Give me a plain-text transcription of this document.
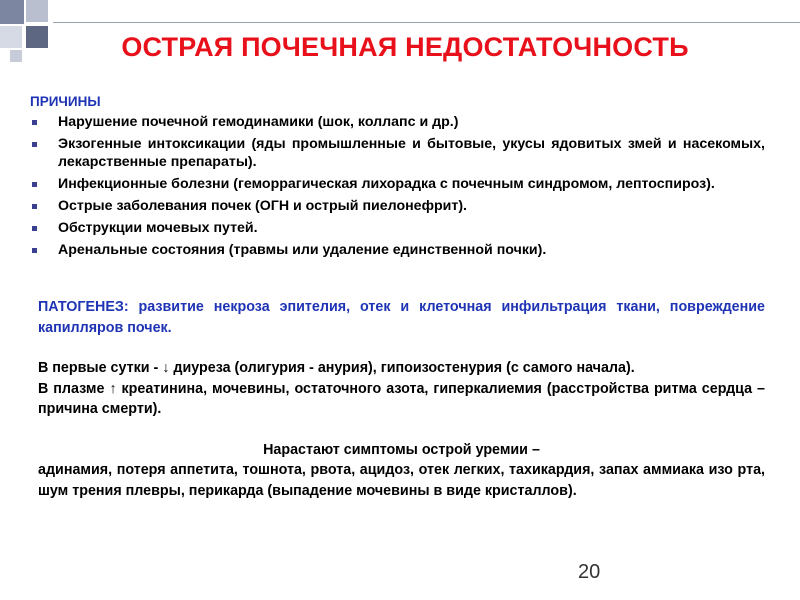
ОСТРАЯ ПОЧЕЧНАЯ НЕДОСТАТОЧНОСТЬ
ПРИЧИНЫ
Нарушение почечной гемодинамики (шок, коллапс и др.)
Экзогенные интоксикации (яды промышленные и бытовые, укусы ядовитых змей и насекомых, лекарственные препараты).
Инфекционные болезни (геморрагическая лихорадка с почечным синдромом, лептоспироз).
Острые заболевания почек (ОГН и острый пиелонефрит).
Обструкции мочевых путей.
Аренальные состояния (травмы или удаление единственной почки).

ПАТОГЕНЕЗ: развитие некроза эпителия, отек и клеточная инфильтрация ткани, повреждение капилляров почек.

В первые сутки - ↓ диуреза (олигурия - анурия), гипоизостенурия (с самого начала).

В плазме ↑ креатинина, мочевины, остаточного азота, гиперкалиемия (расстройства ритма сердца – причина смерти).

Нарастают симптомы острой уремии –

адинамия, потеря аппетита, тошнота, рвота, ацидоз, отек легких, тахикардия, запах аммиака изо рта, шум трения плевры, перикарда (выпадение мочевины в виде кристаллов).

20
